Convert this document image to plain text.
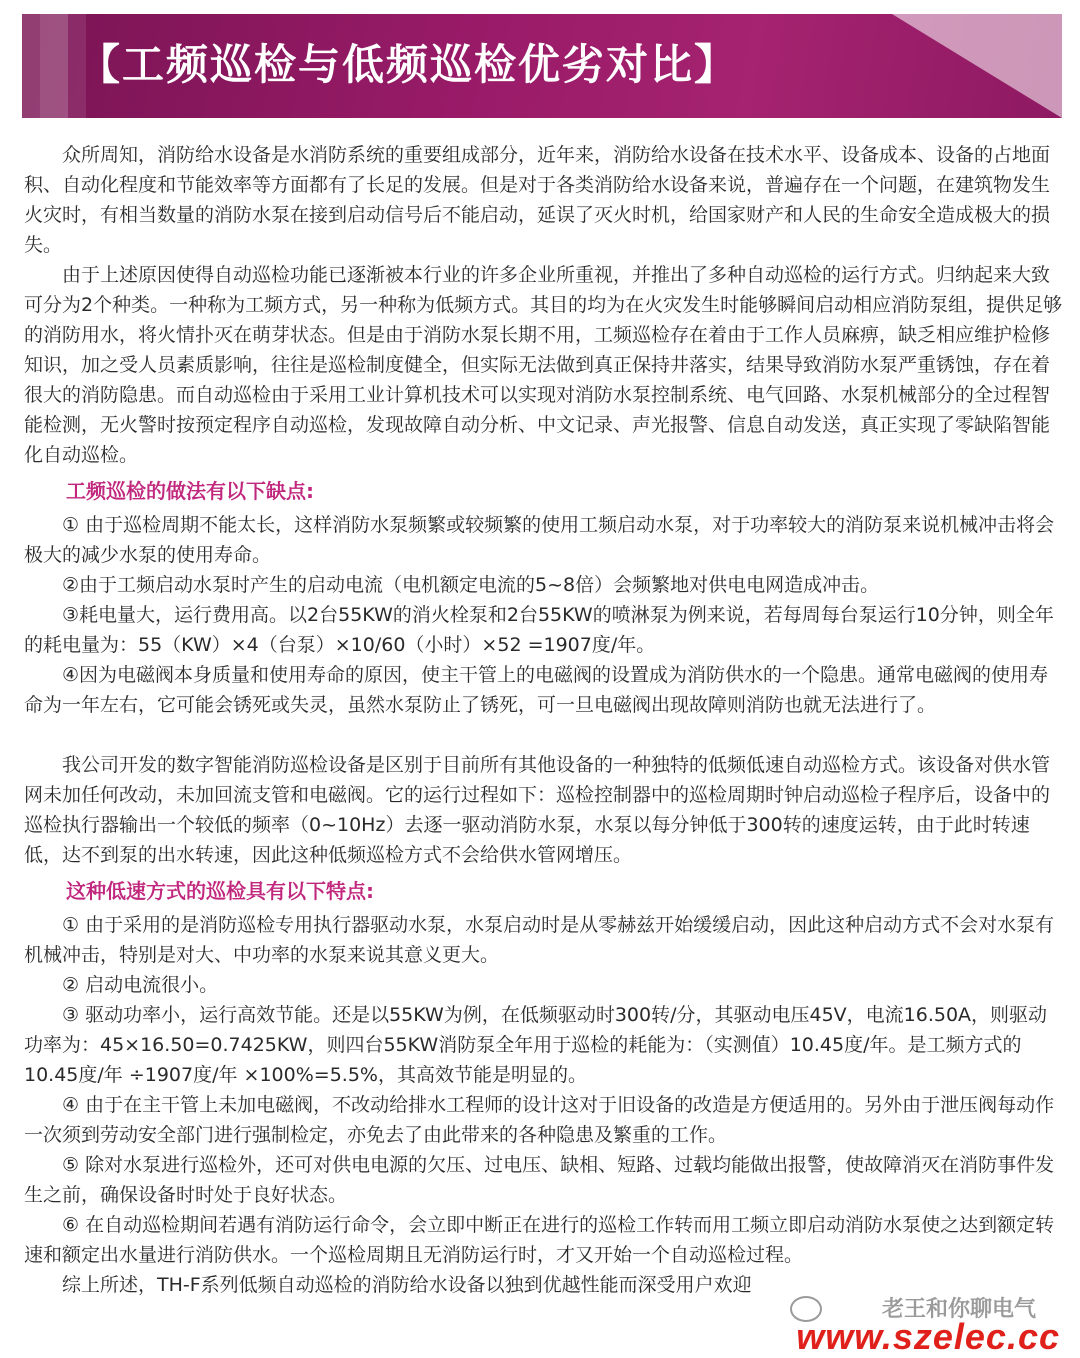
【工频巡检与低频巡检优劣对比】

众所周知，消防给水设备是水消防系统的重要组成部分，近年来，消防给水设备在技术水平、设备成本、设备的占地面积、自动化程度和节能效率等方面都有了长足的发展。但是对于各类消防给水设备来说，普遍存在一个问题，在建筑物发生火灾时，有相当数量的消防水泵在接到启动信号后不能启动，延误了灭火时机，给国家财产和人民的生命安全造成极大的损失。

由于上述原因使得自动巡检功能已逐渐被本行业的许多企业所重视，并推出了多种自动巡检的运行方式。归纳起来大致可分为2个种类。一种称为工频方式，另一种称为低频方式。其目的均为在火灾发生时能够瞬间启动相应消防泵组，提供足够的消防用水，将火情扑灭在萌芽状态。但是由于消防水泵长期不用，工频巡检存在着由于工作人员麻痹，缺乏相应维护检修知识，加之受人员素质影响，往往是巡检制度健全，但实际无法做到真正保持井落实，结果导致消防水泵严重锈蚀，存在着很大的消防隐患。而自动巡检由于采用工业计算机技术可以实现对消防水泵控制系统、电气回路、水泵机械部分的全过程智能检测，无火警时按预定程序自动巡检，发现故障自动分析、中文记录、声光报警、信息自动发送，真正实现了零缺陷智能化自动巡检。

工频巡检的做法有以下缺点:

① 由于巡检周期不能太长，这样消防水泵频繁或较频繁的使用工频启动水泵，对于功率较大的消防泵来说机械冲击将会极大的减少水泵的使用寿命。

②由于工频启动水泵时产生的启动电流（电机额定电流的5~8倍）会频繁地对供电电网造成冲击。

③耗电量大，运行费用高。以2台55KW的消火栓泵和2台55KW的喷淋泵为例来说，若每周每台泵运行10分钟，则全年的耗电量为：55（KW）×4（台泵）×10/60（小时）×52 =1907度/年。

④因为电磁阀本身质量和使用寿命的原因，使主干管上的电磁阀的设置成为消防供水的一个隐患。通常电磁阀的使用寿命为一年左右，它可能会锈死或失灵，虽然水泵防止了锈死，可一旦电磁阀出现故障则消防也就无法进行了。

我公司开发的数字智能消防巡检设备是区别于目前所有其他设备的一种独特的低频低速自动巡检方式。该设备对供水管网未加任何改动，未加回流支管和电磁阀。它的运行过程如下：巡检控制器中的巡检周期时钟启动巡检子程序后，设备中的巡检执行器输出一个较低的频率（0~10Hz）去逐一驱动消防水泵，水泵以每分钟低于300转的速度运转，由于此时转速低，达不到泵的出水转速，因此这种低频巡检方式不会给供水管网增压。

这种低速方式的巡检具有以下特点:

① 由于采用的是消防巡检专用执行器驱动水泵，水泵启动时是从零赫兹开始缓缓启动，因此这种启动方式不会对水泵有机械冲击，特别是对大、中功率的水泵来说其意义更大。

② 启动电流很小。

③ 驱动功率小，运行高效节能。还是以55KW为例，在低频驱动时300转/分，其驱动电压45V，电流16.50A，则驱动功率为：45×16.50=0.7425KW，则四台55KW消防泵全年用于巡检的耗能为：（实测值）10.45度/年。是工频方式的10.45度/年 ÷1907度/年 ×100%=5.5%，其高效节能是明显的。

④ 由于在主干管上未加电磁阀，不改动给排水工程师的设计这对于旧设备的改造是方便适用的。另外由于泄压阀每动作一次须到劳动安全部门进行强制检定，亦免去了由此带来的各种隐患及繁重的工作。

⑤ 除对水泵进行巡检外，还可对供电电源的欠压、过电压、缺相、短路、过载均能做出报警，使故障消灭在消防事件发生之前，确保设备时时处于良好状态。

⑥ 在自动巡检期间若遇有消防运行命令，会立即中断正在进行的巡检工作转而用工频立即启动消防水泵使之达到额定转速和额定出水量进行消防供水。一个巡检周期且无消防运行时，才又开始一个自动巡检过程。

综上所述，TH-F系列低频自动巡检的消防给水设备以独到优越性能而深受用户欢迎

老王和你聊电气
www.szelec.cc
